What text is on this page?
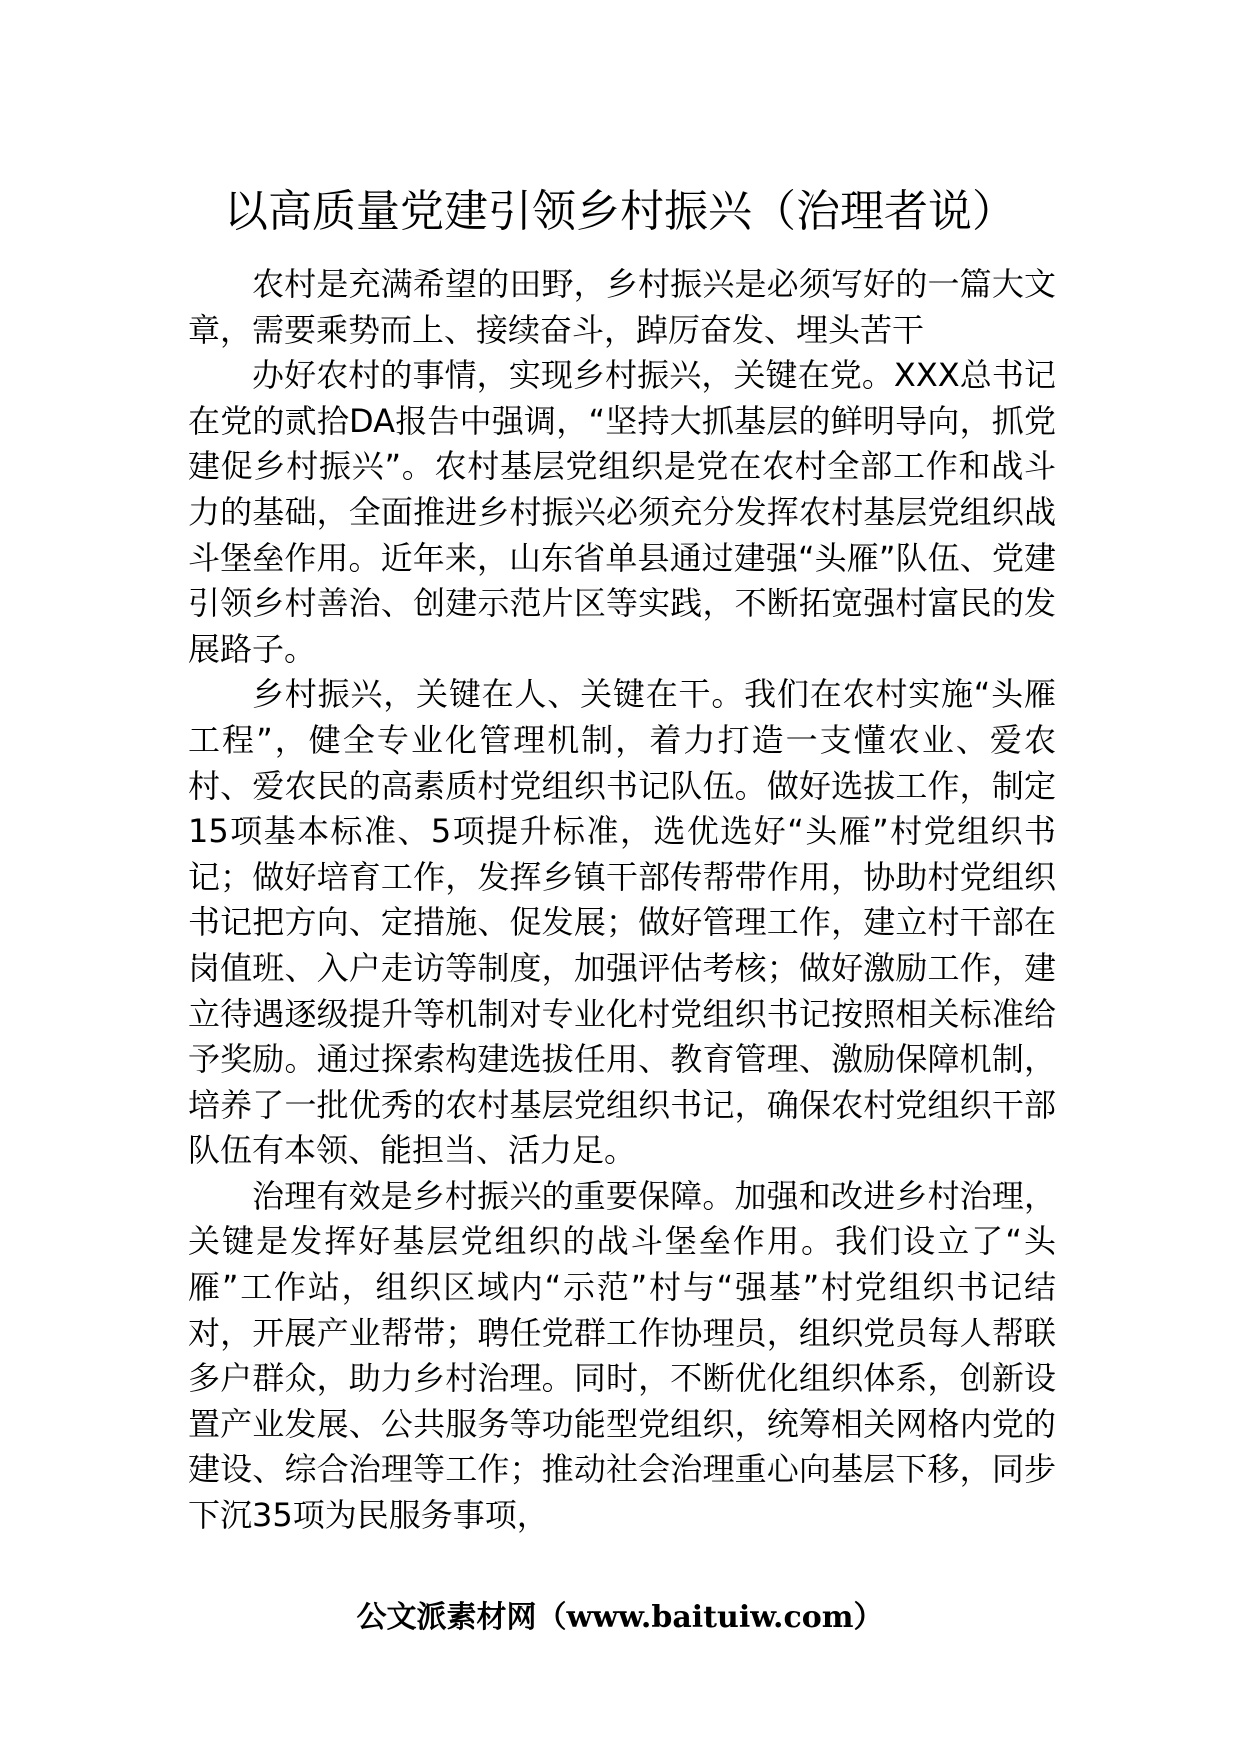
以高质量党建引领乡村振兴（治理者说）

农村是充满希望的田野，乡村振兴是必须写好的一篇大文章，需要乘势而上、接续奋斗，踔厉奋发、埋头苦干

办好农村的事情，实现乡村振兴，关键在党。XXX总书记在党的贰拾DA报告中强调，“坚持大抓基层的鲜明导向，抓党建促乡村振兴”。农村基层党组织是党在农村全部工作和战斗力的基础，全面推进乡村振兴必须充分发挥农村基层党组织战斗堡垒作用。近年来，山东省单县通过建强“头雁”队伍、党建引领乡村善治、创建示范片区等实践，不断拓宽强村富民的发展路子。

乡村振兴，关键在人、关键在干。我们在农村实施“头雁工程”，健全专业化管理机制，着力打造一支懂农业、爱农村、爱农民的高素质村党组织书记队伍。做好选拔工作，制定15项基本标准、5项提升标准，选优选好“头雁”村党组织书记；做好培育工作，发挥乡镇干部传帮带作用，协助村党组织书记把方向、定措施、促发展；做好管理工作，建立村干部在岗值班、入户走访等制度，加强评估考核；做好激励工作，建立待遇逐级提升等机制对专业化村党组织书记按照相关标准给予奖励。通过探索构建选拔任用、教育管理、激励保障机制，培养了一批优秀的农村基层党组织书记，确保农村党组织干部队伍有本领、能担当、活力足。

治理有效是乡村振兴的重要保障。加强和改进乡村治理，关键是发挥好基层党组织的战斗堡垒作用。我们设立了“头雁”工作站，组织区域内“示范”村与“强基”村党组织书记结对，开展产业帮带；聘任党群工作协理员，组织党员每人帮联多户群众，助力乡村治理。同时，不断优化组织体系，创新设置产业发展、公共服务等功能型党组织，统筹相关网格内党的建设、综合治理等工作；推动社会治理重心向基层下移，同步下沉35项为民服务事项，

公文派素材网（www.baituiw.com）
